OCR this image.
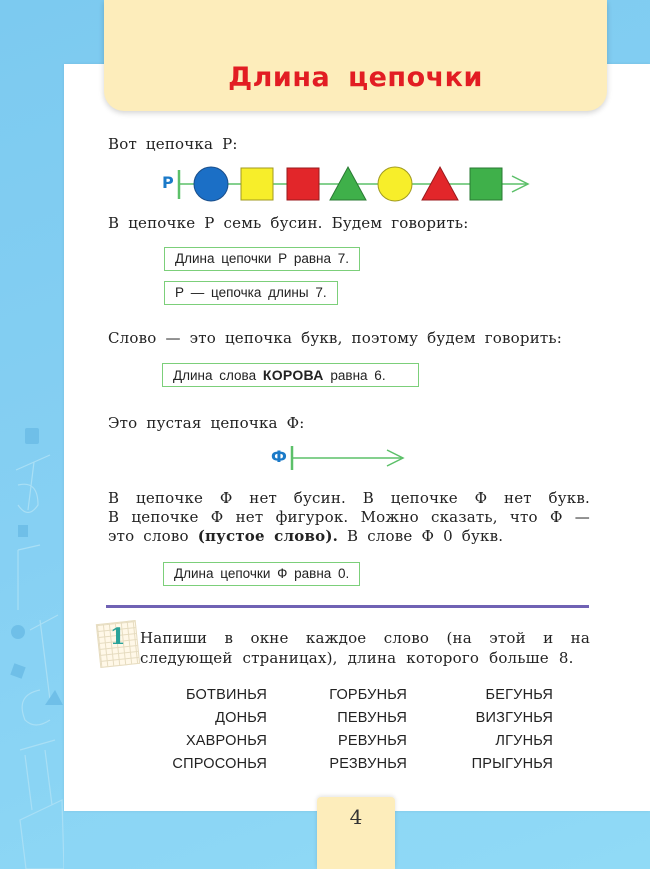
Длина цепочки
Вот цепочка Р:
Р
В цепочке Р семь бусин. Будем говорить:
Длина цепочки Р равна 7.
Р — цепочка длины 7.
Слово — это цепочка букв, поэтому будем говорить:
Длина слова КОРОВА равна 6.
Это пустая цепочка Ф:
Ф
В цепочке Ф нет бусин. В цепочке Ф нет букв.
В цепочке Ф нет фигурок. Можно сказать, что Ф —
это слово (пустое слово). В слове Ф 0 букв.
Длина цепочки Ф равна 0.
1 Напиши в окне каждое слово (на этой и на следующей страницах), длина которого больше 8.
БОТВИНЬЯ	ГОРБУНЬЯ	БЕГУНЬЯ
ДОНЬЯ	ПЕВУНЬЯ	ВИЗГУНЬЯ
ХАВРОНЬЯ	РЕВУНЬЯ	ЛГУНЬЯ
СПРОСОНЬЯ	РЕЗВУНЬЯ	ПРЫГУНЬЯ
4
